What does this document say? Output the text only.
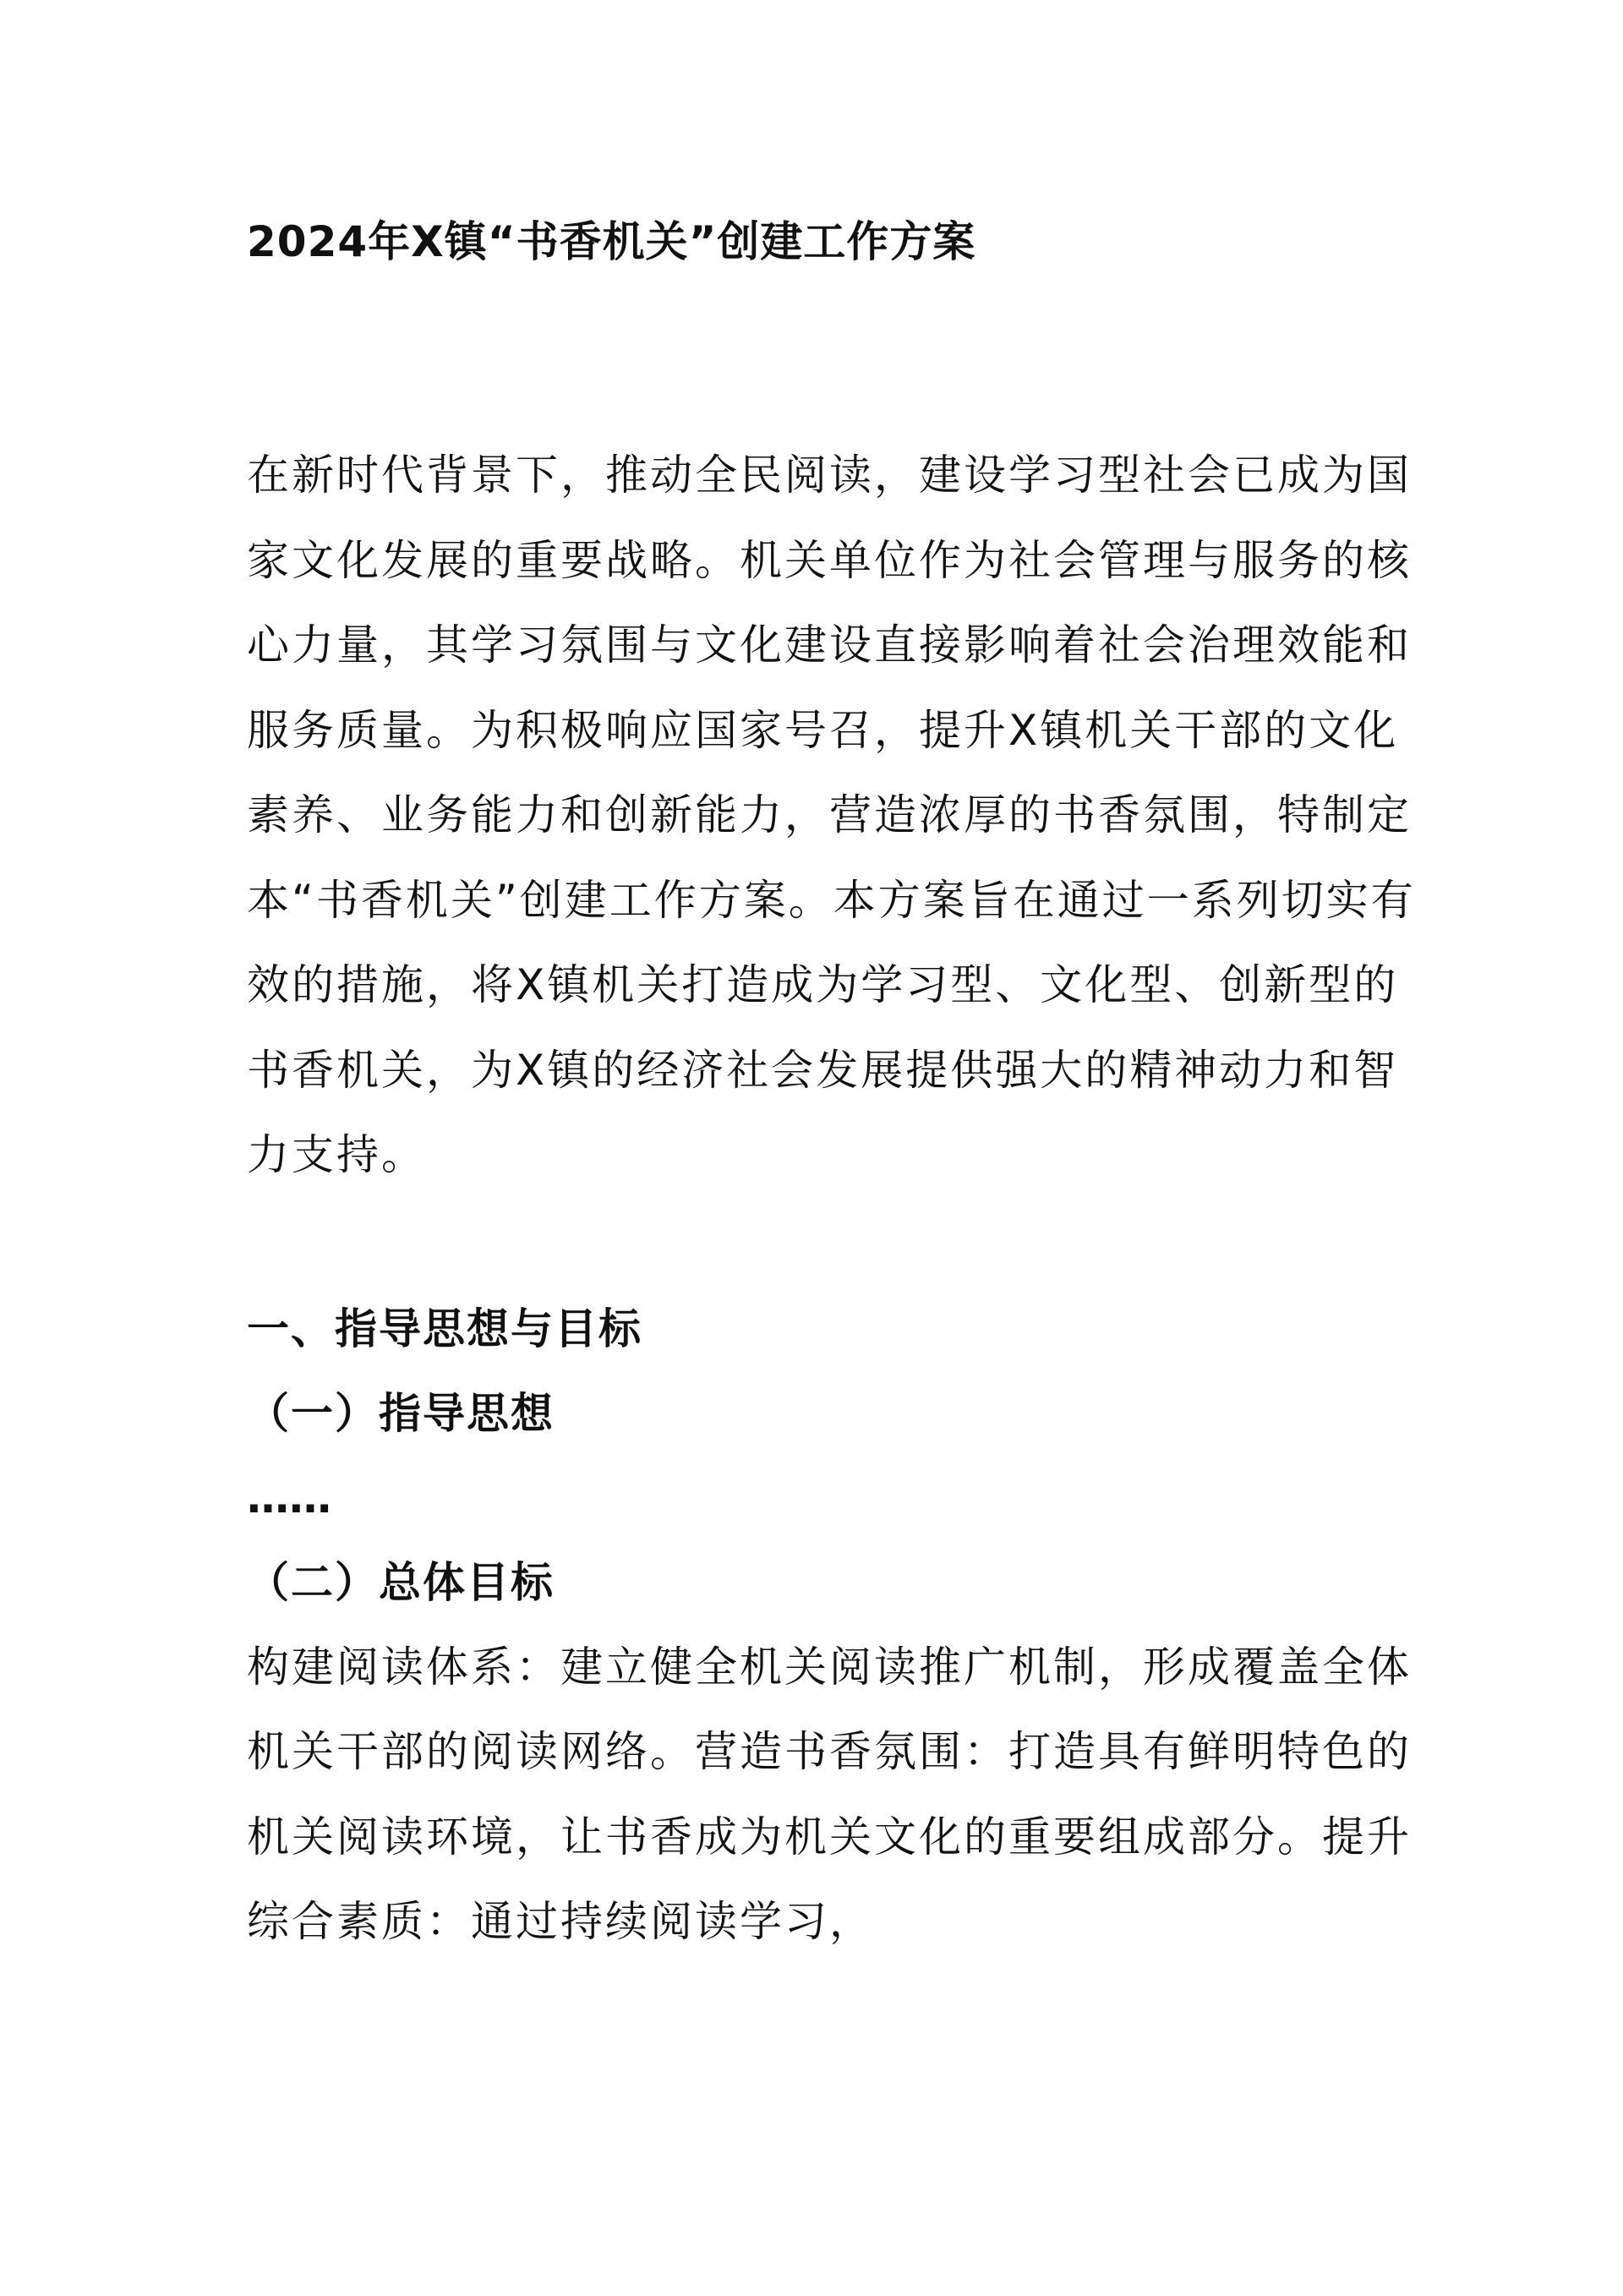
2024年X镇“书香机关”创建工作方案

在新时代背景下，推动全民阅读，建设学习型社会已成为国家文化发展的重要战略。机关单位作为社会管理与服务的核心力量，其学习氛围与文化建设直接影响着社会治理效能和服务质量。为积极响应国家号召，提升X镇机关干部的文化素养、业务能力和创新能力，营造浓厚的书香氛围，特制定本“书香机关”创建工作方案。本方案旨在通过一系列切实有效的措施，将X镇机关打造成为学习型、文化型、创新型的书香机关，为X镇的经济社会发展提供强大的精神动力和智力支持。

一、指导思想与目标
（一）指导思想
……
（二）总体目标

构建阅读体系：建立健全机关阅读推广机制，形成覆盖全体机关干部的阅读网络。营造书香氛围：打造具有鲜明特色的机关阅读环境，让书香成为机关文化的重要组成部分。提升综合素质：通过持续阅读学习，
